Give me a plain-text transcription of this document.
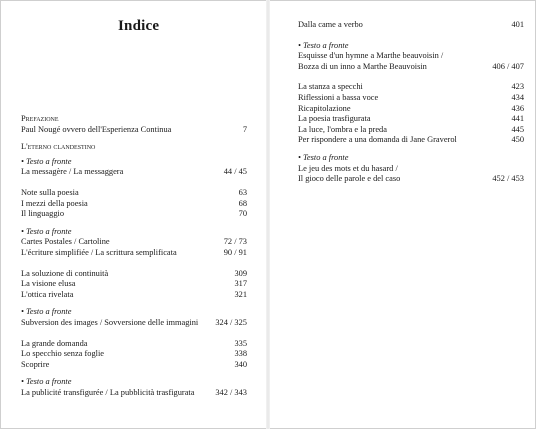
Indice
Prefazione
Paul Nougé ovvero dell'Esperienza Continua	7
L'eterno clandestino
• Testo a fronte
La messagère / La messaggera	44 / 45
Note sulla poesia	63
I mezzi della poesia	68
Il linguaggio	70
• Testo a fronte
Cartes Postales / Cartoline	72 / 73
L'écriture simplifiée / La scrittura semplificata	90 / 91
La soluzione di continuità	309
La visione elusa	317
L'ottica rivelata	321
• Testo a fronte
Subversion des images / Sovversione delle immagini	324 / 325
La grande domanda	335
Lo specchio senza foglie	338
Scoprire	340
• Testo a fronte
La publicité transfigurée / La pubblicità trasfigurata	342 / 343
Dalla came a verbo	401
• Testo a fronte
Esquisse d'un hymne a Marthe beauvoisin /
Bozza di un inno a Marthe Beauvoisin	406 / 407
La stanza a specchi	423
Riflessioni a bassa voce	434
Ricapitolazione	436
La poesia trasfigurata	441
La luce, l'ombra e la preda	445
Per rispondere a una domanda di Jane Graverol	450
• Testo a fronte
Le jeu des mots et du hasard /
Il gioco delle parole e del caso	452 / 453
